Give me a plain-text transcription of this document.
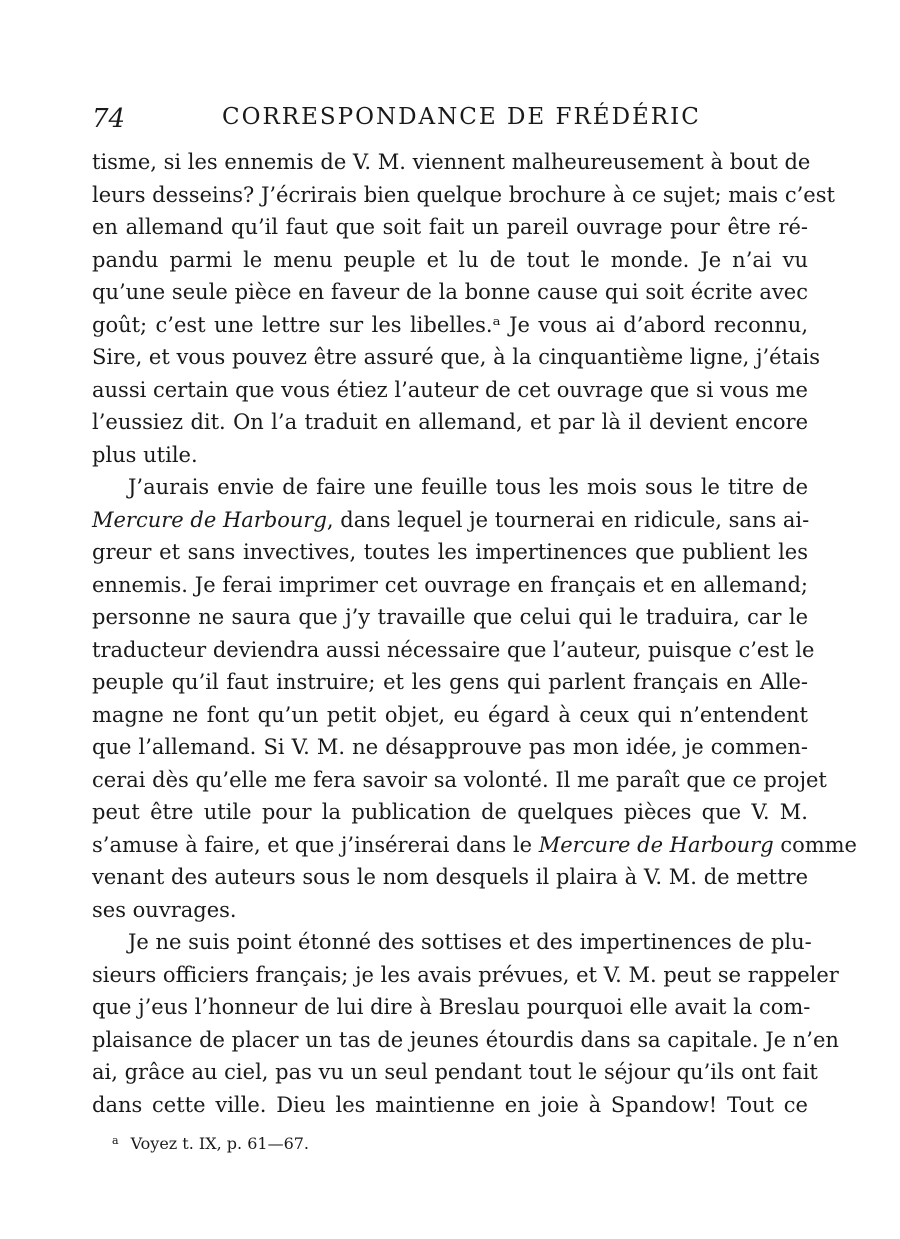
74	CORRESPONDANCE DE FRÉDÉRIC
tisme, si les ennemis de V. M. viennent malheureusement à bout de
leurs desseins? J’écrirais bien quelque brochure à ce sujet; mais c’est
en allemand qu’il faut que soit fait un pareil ouvrage pour être ré-
pandu parmi le menu peuple et lu de tout le monde. Je n’ai vu
qu’une seule pièce en faveur de la bonne cause qui soit écrite avec
goût; c’est une lettre sur les libelles.ᵃ Je vous ai d’abord reconnu,
Sire, et vous pouvez être assuré que, à la cinquantième ligne, j’étais
aussi certain que vous étiez l’auteur de cet ouvrage que si vous me
l’eussiez dit. On l’a traduit en allemand, et par là il devient encore
plus utile.
J’aurais envie de faire une feuille tous les mois sous le titre de
Mercure de Harbourg, dans lequel je tournerai en ridicule, sans ai-
greur et sans invectives, toutes les impertinences que publient les
ennemis. Je ferai imprimer cet ouvrage en français et en allemand;
personne ne saura que j’y travaille que celui qui le traduira, car le
traducteur deviendra aussi nécessaire que l’auteur, puisque c’est le
peuple qu’il faut instruire; et les gens qui parlent français en Alle-
magne ne font qu’un petit objet, eu égard à ceux qui n’entendent
que l’allemand. Si V. M. ne désapprouve pas mon idée, je commen-
cerai dès qu’elle me fera savoir sa volonté. Il me paraît que ce projet
peut être utile pour la publication de quelques pièces que V. M.
s’amuse à faire, et que j’insérerai dans le Mercure de Harbourg comme
venant des auteurs sous le nom desquels il plaira à V. M. de mettre
ses ouvrages.
Je ne suis point étonné des sottises et des impertinences de plu-
sieurs officiers français; je les avais prévues, et V. M. peut se rappeler
que j’eus l’honneur de lui dire à Breslau pourquoi elle avait la com-
plaisance de placer un tas de jeunes étourdis dans sa capitale. Je n’en
ai, grâce au ciel, pas vu un seul pendant tout le séjour qu’ils ont fait
dans cette ville. Dieu les maintienne en joie à Spandow! Tout ce
$^a$ Voyez t. IX, p. 61—67.
